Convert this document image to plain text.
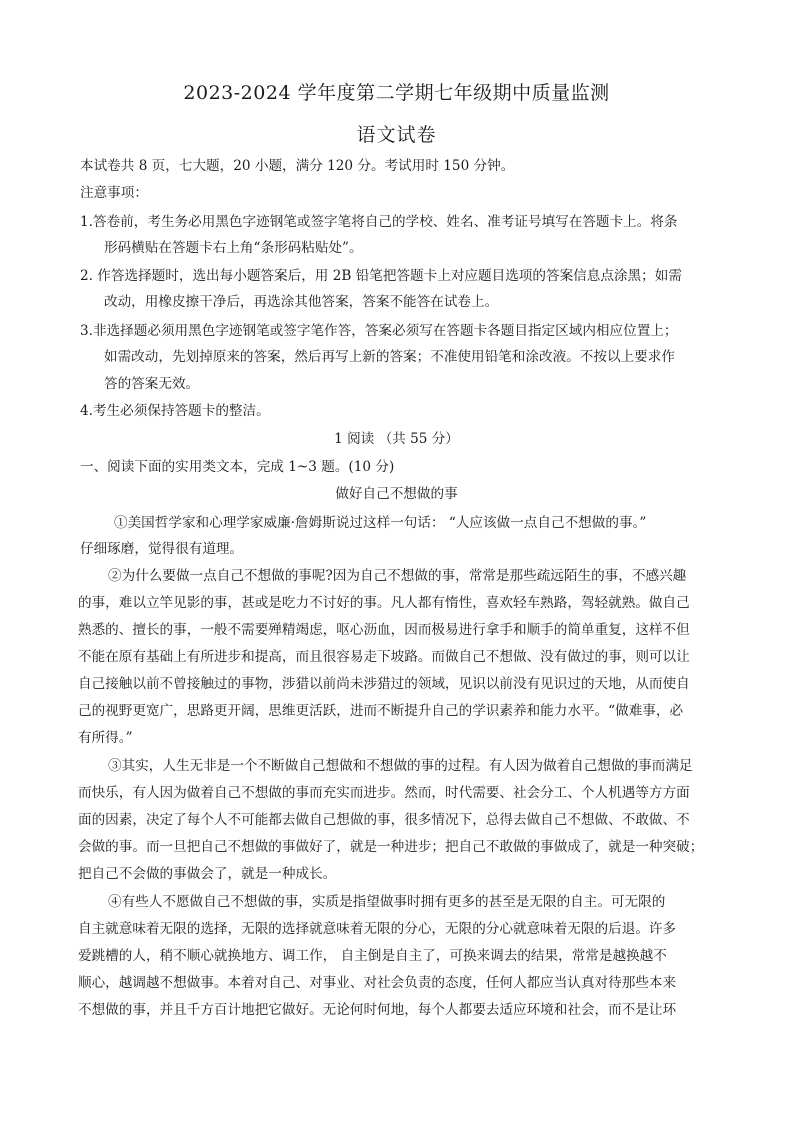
2023-2024 学年度第二学期七年级期中质量监测
语文试卷
本试卷共 8 页，七大题，20 小题，满分 120 分。考试用时 150 分钟。
注意事项：
1.答卷前，考生务必用黑色字迹钢笔或签字笔将自己的学校、姓名、准考证号填写在答题卡上。将条
形码横贴在答题卡右上角“条形码粘贴处”。
2. 作答选择题时，选出每小题答案后，用 2B 铅笔把答题卡上对应题目选项的答案信息点涂黑；如需
改动，用橡皮擦干净后，再选涂其他答案，答案不能答在试卷上。
3.非选择题必须用黑色字迹钢笔或签字笔作答，答案必须写在答题卡各题目指定区域内相应位置上；
如需改动，先划掉原来的答案，然后再写上新的答案；不准使用铅笔和涂改液。不按以上要求作
答的答案无效。
4.考生必须保持答题卡的整洁。
1 阅读 （共 55 分）
一、阅读下面的实用类文本，完成 1~3 题。(10 分)
做好自己不想做的事
①美国哲学家和心理学家威廉·詹姆斯说过这样一句话： “人应该做一点自己不想做的事。”
仔细琢磨，觉得很有道理。
②为什么要做一点自己不想做的事呢?因为自己不想做的事，常常是那些疏远陌生的事，不感兴趣
的事，难以立竿见影的事，甚或是吃力不讨好的事。凡人都有惰性，喜欢轻车熟路，驾轻就熟。做自己
熟悉的、擅长的事，一般不需要殚精竭虑，呕心沥血，因而极易进行拿手和顺手的简单重复，这样不但
不能在原有基础上有所进步和提高，而且很容易走下坡路。而做自己不想做、没有做过的事，则可以让
自己接触以前不曾接触过的事物，涉猎以前尚未涉猎过的领域，见识以前没有见识过的天地，从而使自
己的视野更宽广，思路更开阔，思维更活跃，进而不断提升自己的学识素养和能力水平。“做难事，必
有所得。”
③其实，人生无非是一个不断做自己想做和不想做的事的过程。有人因为做着自己想做的事而满足
而快乐，有人因为做着自己不想做的事而充实而进步。然而，时代需要、社会分工、个人机遇等方方面
面的因素，决定了每个人不可能都去做自己想做的事，很多情况下，总得去做自己不想做、不敢做、不
会做的事。而一旦把自己不想做的事做好了，就是一种进步；把自己不敢做的事做成了，就是一种突破；
把自己不会做的事做会了，就是一种成长。
④有些人不愿做自己不想做的事，实质是指望做事时拥有更多的甚至是无限的自主。可无限的
自主就意味着无限的选择，无限的选择就意味着无限的分心，无限的分心就意味着无限的后退。许多
爱跳槽的人，稍不顺心就换地方、调工作， 自主倒是自主了，可换来调去的结果，常常是越换越不
顺心，越调越不想做事。本着对自己、对事业、对社会负责的态度，任何人都应当认真对待那些本来
不想做的事，并且千方百计地把它做好。无论何时何地，每个人都要去适应环境和社会，而不是让环
